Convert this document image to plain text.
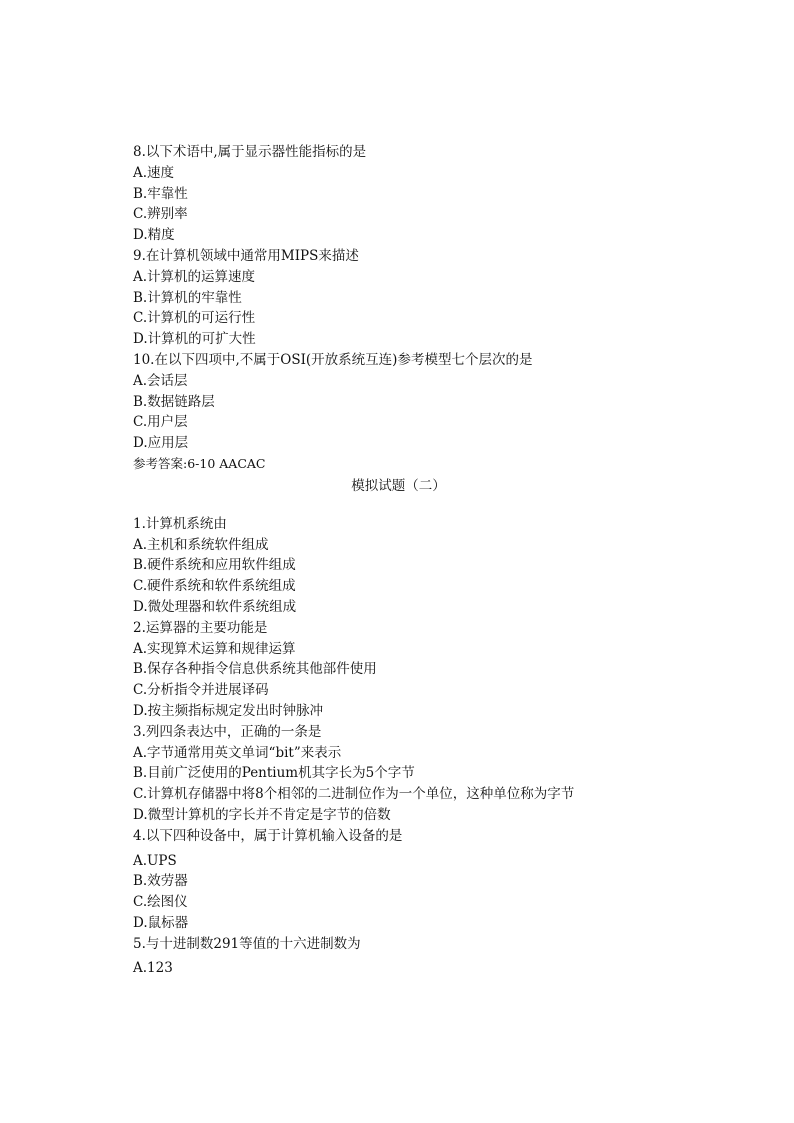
8.以下术语中,属于显示器性能指标的是
A.速度
B.牢靠性
C.辨别率
D.精度
9.在计算机领域中通常用MIPS来描述
A.计算机的运算速度
B.计算机的牢靠性
C.计算机的可运行性
D.计算机的可扩大性
10.在以下四项中,不属于OSI(开放系统互连)参考模型七个层次的是
A.会话层
B.数据链路层
C.用户层
D.应用层
参考答案:6-10 AACAC
模拟试题（二）
1.计算机系统由
A.主机和系统软件组成
B.硬件系统和应用软件组成
C.硬件系统和软件系统组成
D.微处理器和软件系统组成
2.运算器的主要功能是
A.实现算术运算和规律运算
B.保存各种指令信息供系统其他部件使用
C.分析指令并进展译码
D.按主频指标规定发出时钟脉冲
3.列四条表达中，正确的一条是
A.字节通常用英文单词“bit”来表示
B.目前广泛使用的Pentium机其字长为5个字节
C.计算机存储器中将8个相邻的二进制位作为一个单位，这种单位称为字节
D.微型计算机的字长并不肯定是字节的倍数
4.以下四种设备中，属于计算机输入设备的是
A.UPS
B.效劳器
C.绘图仪
D.鼠标器
5.与十进制数291等值的十六进制数为
A.123
